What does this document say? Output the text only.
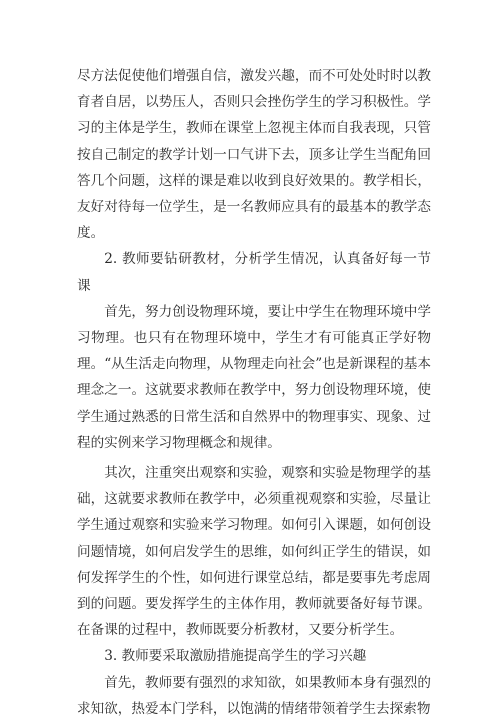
尽方法促使他们增强自信，激发兴趣，而不可处处时时以教育者自居，以势压人，否则只会挫伤学生的学习积极性。学习的主体是学生，教师在课堂上忽视主体而自我表现，只管按自己制定的教学计划一口气讲下去，顶多让学生当配角回答几个问题，这样的课是难以收到良好效果的。教学相长，友好对待每一位学生，是一名教师应具有的最基本的教学态度。

2. 教师要钻研教材，分析学生情况，认真备好每一节课

首先，努力创设物理环境，要让中学生在物理环境中学习物理。也只有在物理环境中，学生才有可能真正学好物理。“从生活走向物理，从物理走向社会”也是新课程的基本理念之一。这就要求教师在教学中，努力创设物理环境，使学生通过熟悉的日常生活和自然界中的物理事实、现象、过程的实例来学习物理概念和规律。

其次，注重突出观察和实验，观察和实验是物理学的基础，这就要求教师在教学中，必须重视观察和实验，尽量让学生通过观察和实验来学习物理。如何引入课题，如何创设问题情境，如何启发学生的思维，如何纠正学生的错误，如何发挥学生的个性，如何进行课堂总结，都是要事先考虑周到的问题。要发挥学生的主体作用，教师就要备好每节课。在备课的过程中，教师既要分析教材，又要分析学生。

3. 教师要采取激励措施提高学生的学习兴趣

首先，教师要有强烈的求知欲，如果教师本身有强烈的求知欲，热爱本门学科，以饱满的情绪带领着学生去探索物
